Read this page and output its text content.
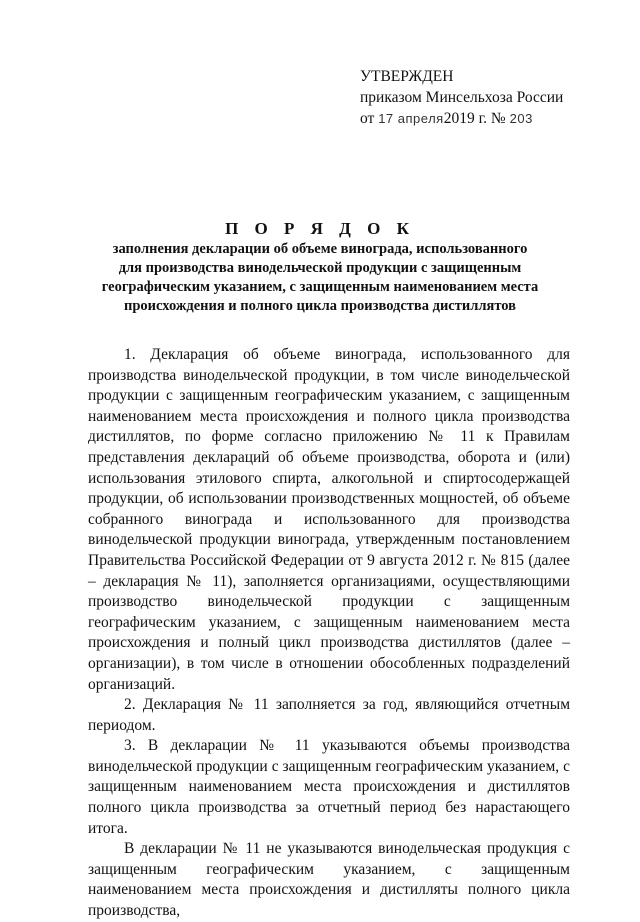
УТВЕРЖДЕН
приказом Минсельхоза России
от 17 апреля2019 г. № 203
П О Р Я Д О К
заполнения декларации об объеме винограда, использованного
для производства винодельческой продукции с защищенным
географическим указанием, с защищенным наименованием места
происхождения и полного цикла производства дистиллятов

1. Декларация об объеме винограда, использованного для производства винодельческой продукции, в том числе винодельческой продукции с защищенным географическим указанием, с защищенным наименованием места происхождения и полного цикла производства дистиллятов, по форме согласно приложению № 11 к Правилам представления деклараций об объеме производства, оборота и (или) использования этилового спирта, алкогольной и спиртосодержащей продукции, об использовании производственных мощностей, об объеме собранного винограда и использованного для производства винодельческой продукции винограда, утвержденным постановлением Правительства Российской Федерации от 9 августа 2012 г. № 815 (далее – декларация № 11), заполняется организациями, осуществляющими производство винодельческой продукции с защищенным географическим указанием, с защищенным наименованием места происхождения и полный цикл производства дистиллятов (далее – организации), в том числе в отношении обособленных подразделений организаций.

2. Декларация № 11 заполняется за год, являющийся отчетным периодом.

3. В декларации № 11 указываются объемы производства винодельческой продукции с защищенным географическим указанием, с защищенным наименованием места происхождения и дистиллятов полного цикла производства за отчетный период без нарастающего итога.

В декларации № 11 не указываются винодельческая продукция с защищенным географическим указанием, с защищенным наименованием места происхождения и дистилляты полного цикла производства,
